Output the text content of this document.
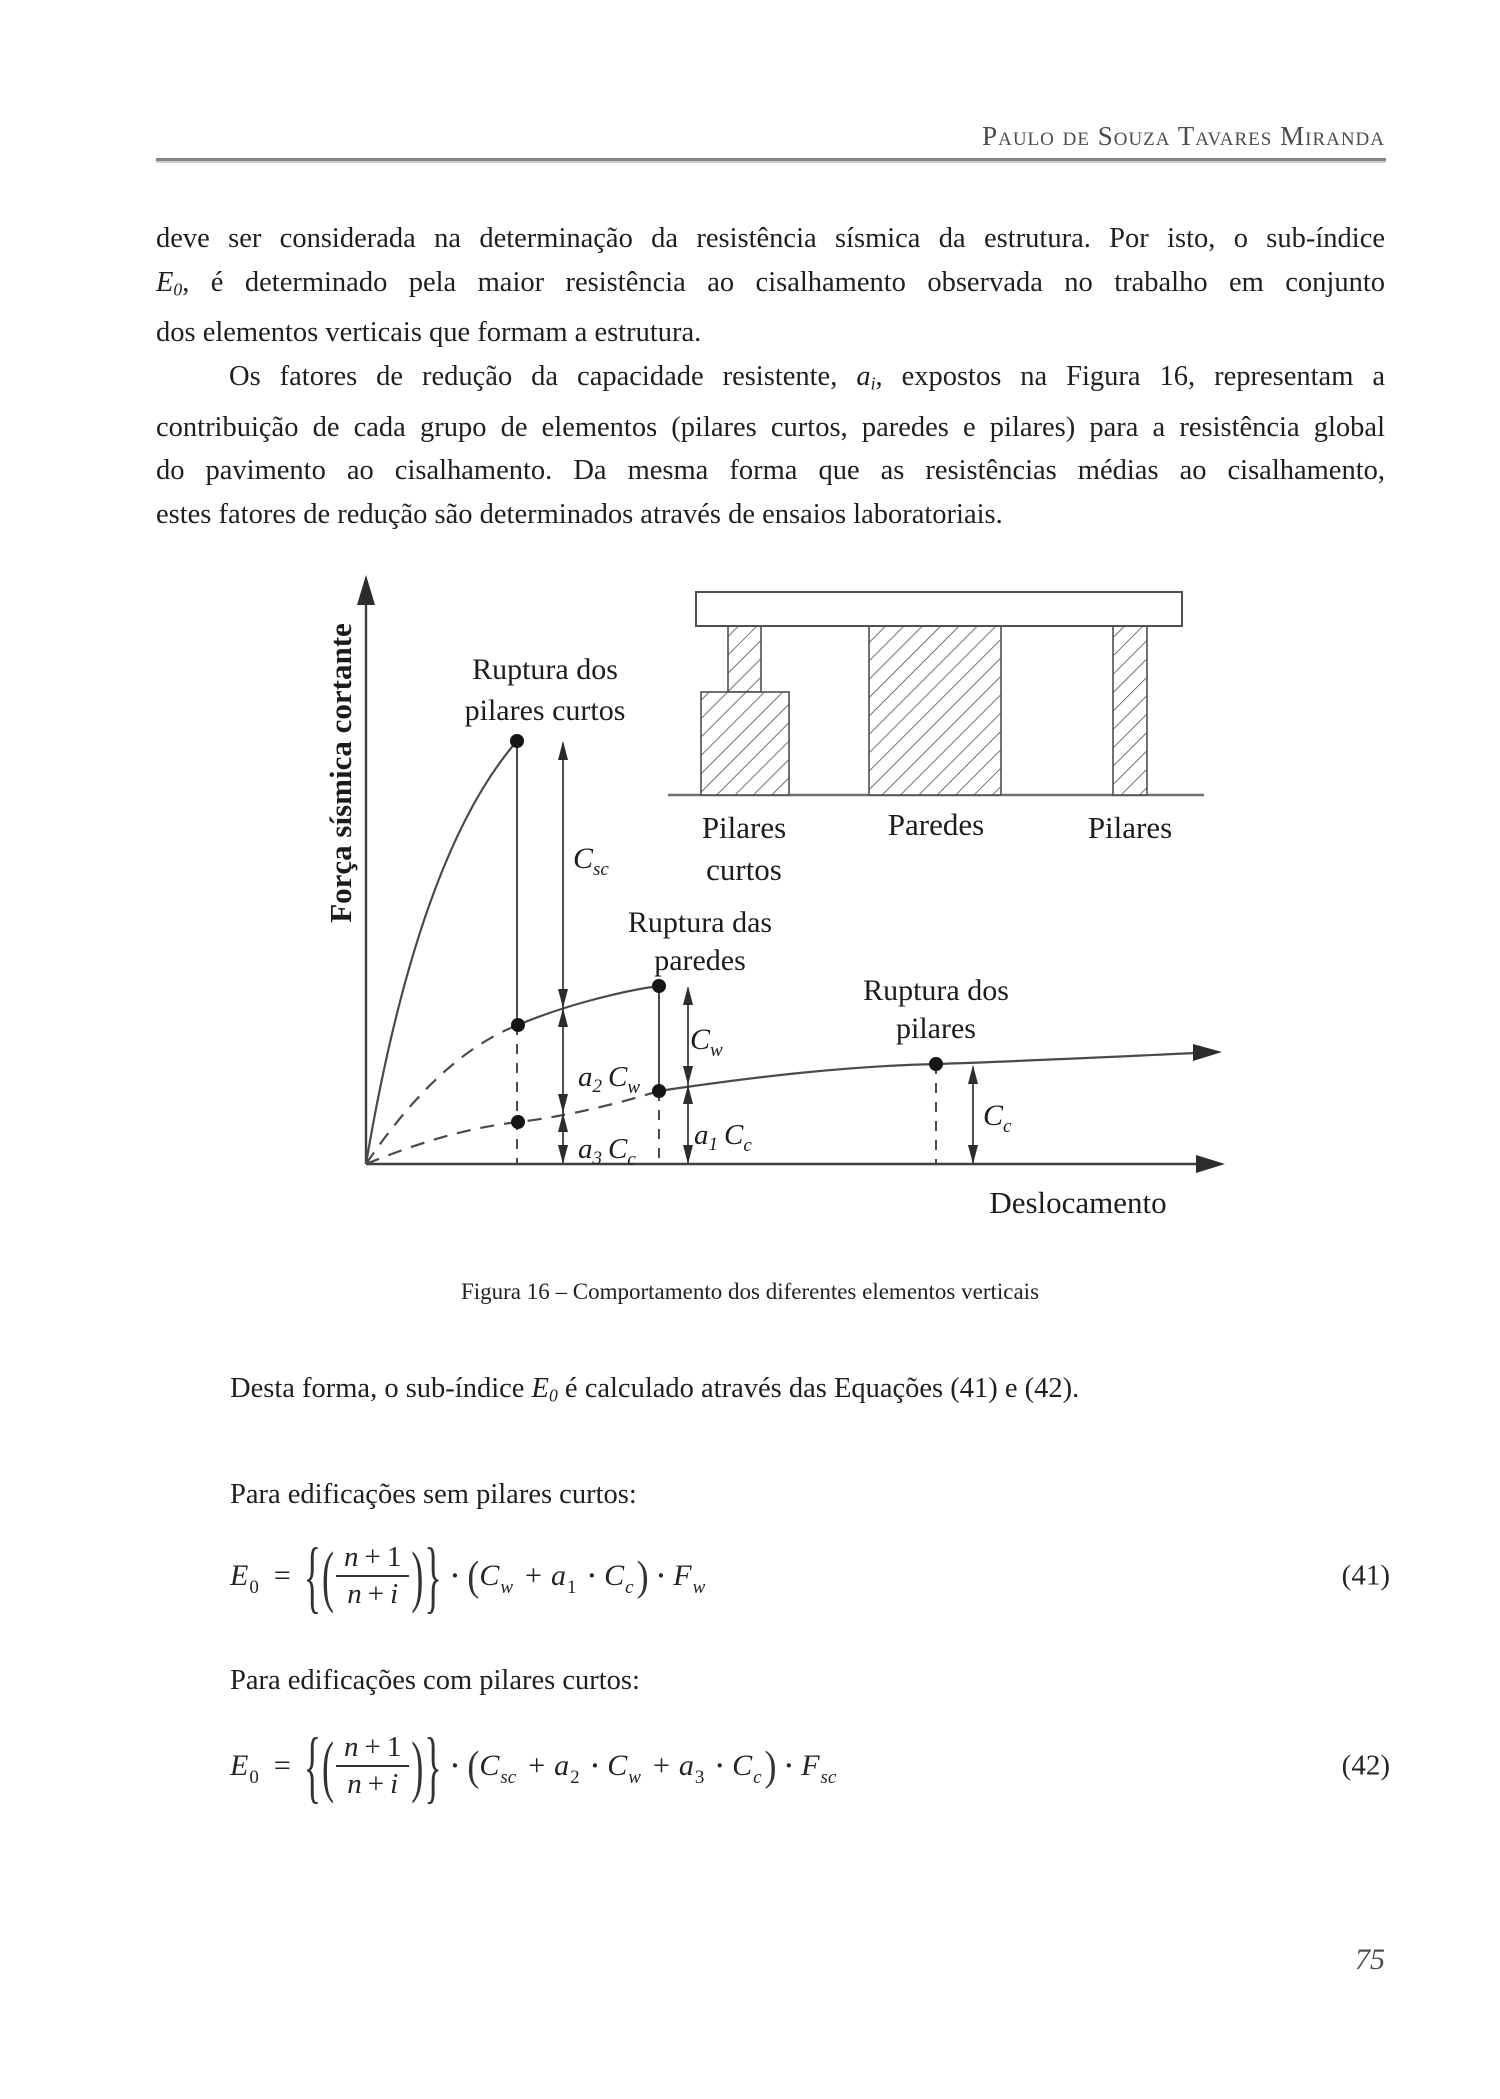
Paulo de Souza Tavares Miranda
deve ser considerada na determinação da resistência sísmica da estrutura. Por isto, o sub-índice
E0, é determinado pela maior resistência ao cisalhamento observada no trabalho em conjunto
dos elementos verticais que formam a estrutura.
Os fatores de redução da capacidade resistente, ai, expostos na Figura 16, representam a
contribuição de cada grupo de elementos (pilares curtos, paredes e pilares) para a resistência global
do pavimento ao cisalhamento. Da mesma forma que as resistências médias ao cisalhamento,
estes fatores de redução são determinados através de ensaios laboratoriais.
Pilares
curtos
Paredes	Pilares
Força sísmica cortante
Deslocamento
Ruptura dos
pilares curtos
Ruptura das
paredes
Ruptura dos
pilares
$C_{sc}$
$C_w$
$C_c$
$a_2$ $C_w$
$a_3$ $C_c$
$a_1$ $C_c$
Figura 16 – Comportamento dos diferentes elementos verticais
Desta forma, o sub-índice E0 é calculado através das Equações (41) e (42).
Para edificações sem pilares curtos:
E 0 = { ( $\frac{n + 1}{n + i}$ ) } · ( C w + a 1 · C c ) · F w	(41)
Para edificações com pilares curtos:
E 0 = { ( $\frac{n + 1}{n + i}$ ) } · ( C sc + a 2 · C w + a 3 · C c ) · F sc	(42)
75
